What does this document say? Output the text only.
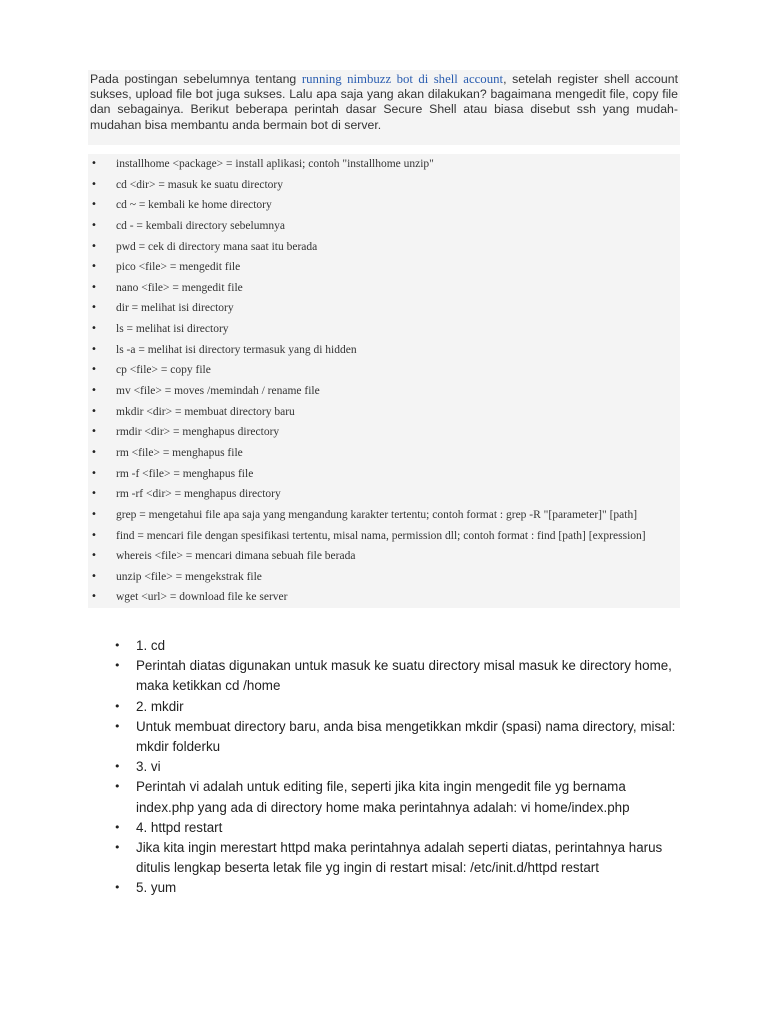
Pada postingan sebelumnya tentang running nimbuzz bot di shell account, setelah register shell account sukses, upload file bot juga sukses. Lalu apa saja yang akan dilakukan? bagaimana mengedit file, copy file dan sebagainya. Berikut beberapa perintah dasar Secure Shell atau biasa disebut ssh yang mudah-mudahan bisa membantu anda bermain bot di server.

• installhome <package> = install aplikasi; contoh "installhome unzip"
• cd <dir> = masuk ke suatu directory
• cd ~ = kembali ke home directory
• cd - = kembali directory sebelumnya
• pwd = cek di directory mana saat itu berada
• pico <file> = mengedit file
• nano <file> = mengedit file
• dir = melihat isi directory
• ls = melihat isi directory
• ls -a = melihat isi directory termasuk yang di hidden
• cp <file> = copy file
• mv <file> = moves /memindah / rename file
• mkdir <dir> = membuat directory baru
• rmdir <dir> = menghapus directory
• rm <file> = menghapus file
• rm -f <file> = menghapus file
• rm -rf <dir> = menghapus directory
• grep = mengetahui file apa saja yang mengandung karakter tertentu; contoh format : grep -R "[parameter]" [path]
• find = mencari file dengan spesifikasi tertentu, misal nama, permission dll; contoh format : find [path] [expression]
• whereis <file> = mencari dimana sebuah file berada
• unzip <file> = mengekstrak file
• wget <url> = download file ke server
• 1. cd
• Perintah diatas digunakan untuk masuk ke suatu directory misal masuk ke directory home, maka ketikkan cd /home
• 2. mkdir
• Untuk membuat directory baru, anda bisa mengetikkan mkdir (spasi) nama directory, misal: mkdir folderku
• 3. vi
• Perintah vi adalah untuk editing file, seperti jika kita ingin mengedit file yg bernama index.php yang ada di directory home maka perintahnya adalah: vi home/index.php
• 4. httpd restart
• Jika kita ingin merestart httpd maka perintahnya adalah seperti diatas, perintahnya harus ditulis lengkap beserta letak file yg ingin di restart misal: /etc/init.d/httpd restart
• 5. yum
